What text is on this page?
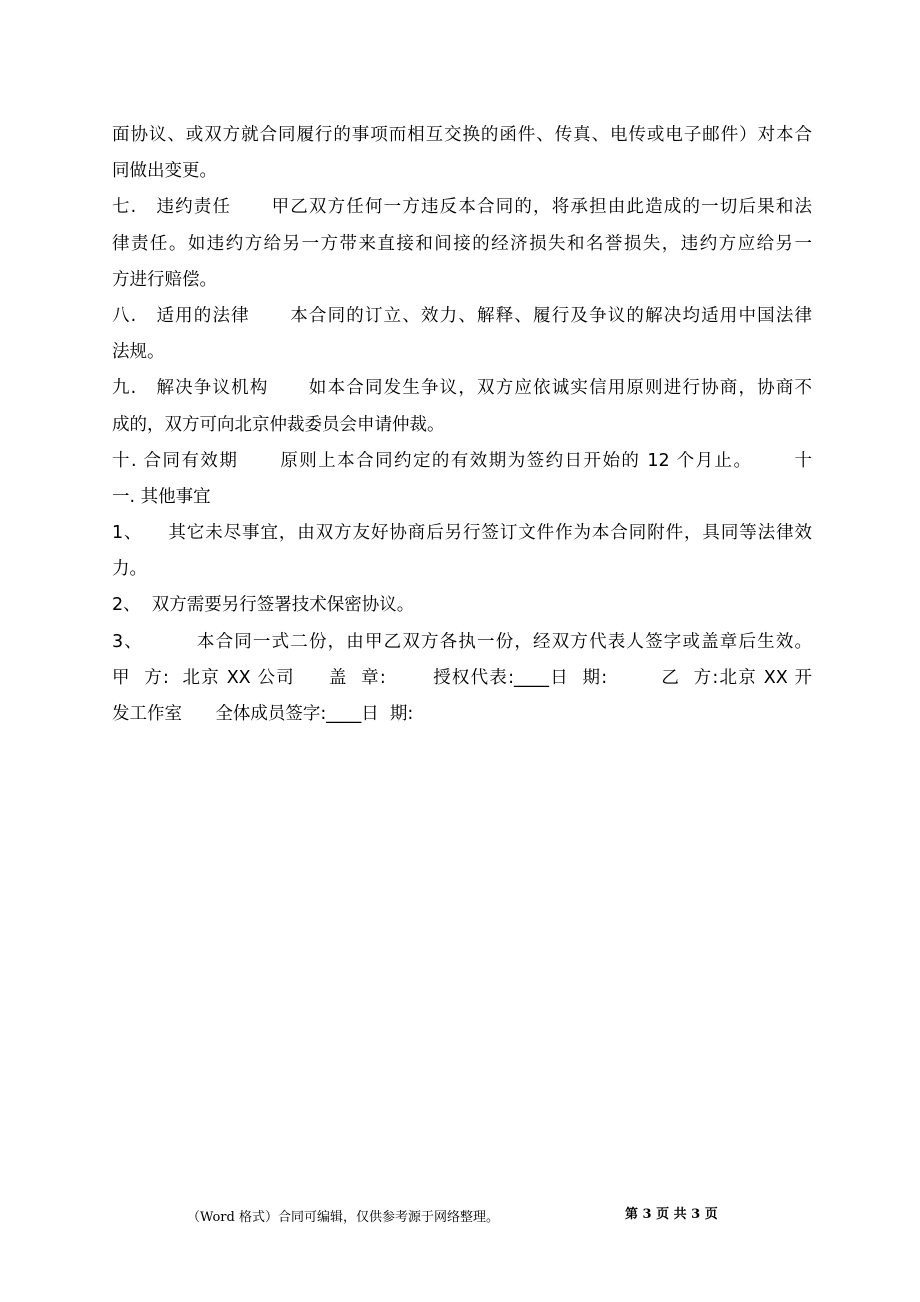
面协议、或双方就合同履行的事项而相互交换的函件、传真、电传或电子邮件）对本合
同做出变更。
七.   违约责任      甲乙双方任何一方违反本合同的，将承担由此造成的一切后果和法
律责任。如违约方给另一方带来直接和间接的经济损失和名誉损失，违约方应给另一
方进行赔偿。
八.   适用的法律      本合同的订立、效力、解释、履行及争议的解决均适用中国法律
法规。
九.   解决争议机构      如本合同发生争议，双方应依诚实信用原则进行协商，协商不
成的，双方可向北京仲裁委员会申请仲裁。
十. 合同有效期      原则上本合同约定的有效期为签约日开始的 12 个月止。      十
一. 其他事宜
1、    其它未尽事宜，由双方友好协商后另行签订文件作为本合同附件，具同等法律效
力。
2、  双方需要另行签署技术保密协议。
3、        本合同一式二份，由甲乙双方各执一份，经双方代表人签字或盖章后生效。
甲  方:  北京 XX 公司     盖  章:       授权代表:____日  期:        乙  方:北京 XX 开
发工作室      全体成员签字:____日  期:
（Word 格式）合同可编辑，仅供参考源于网络整理。	第 3 页 共 3 页
